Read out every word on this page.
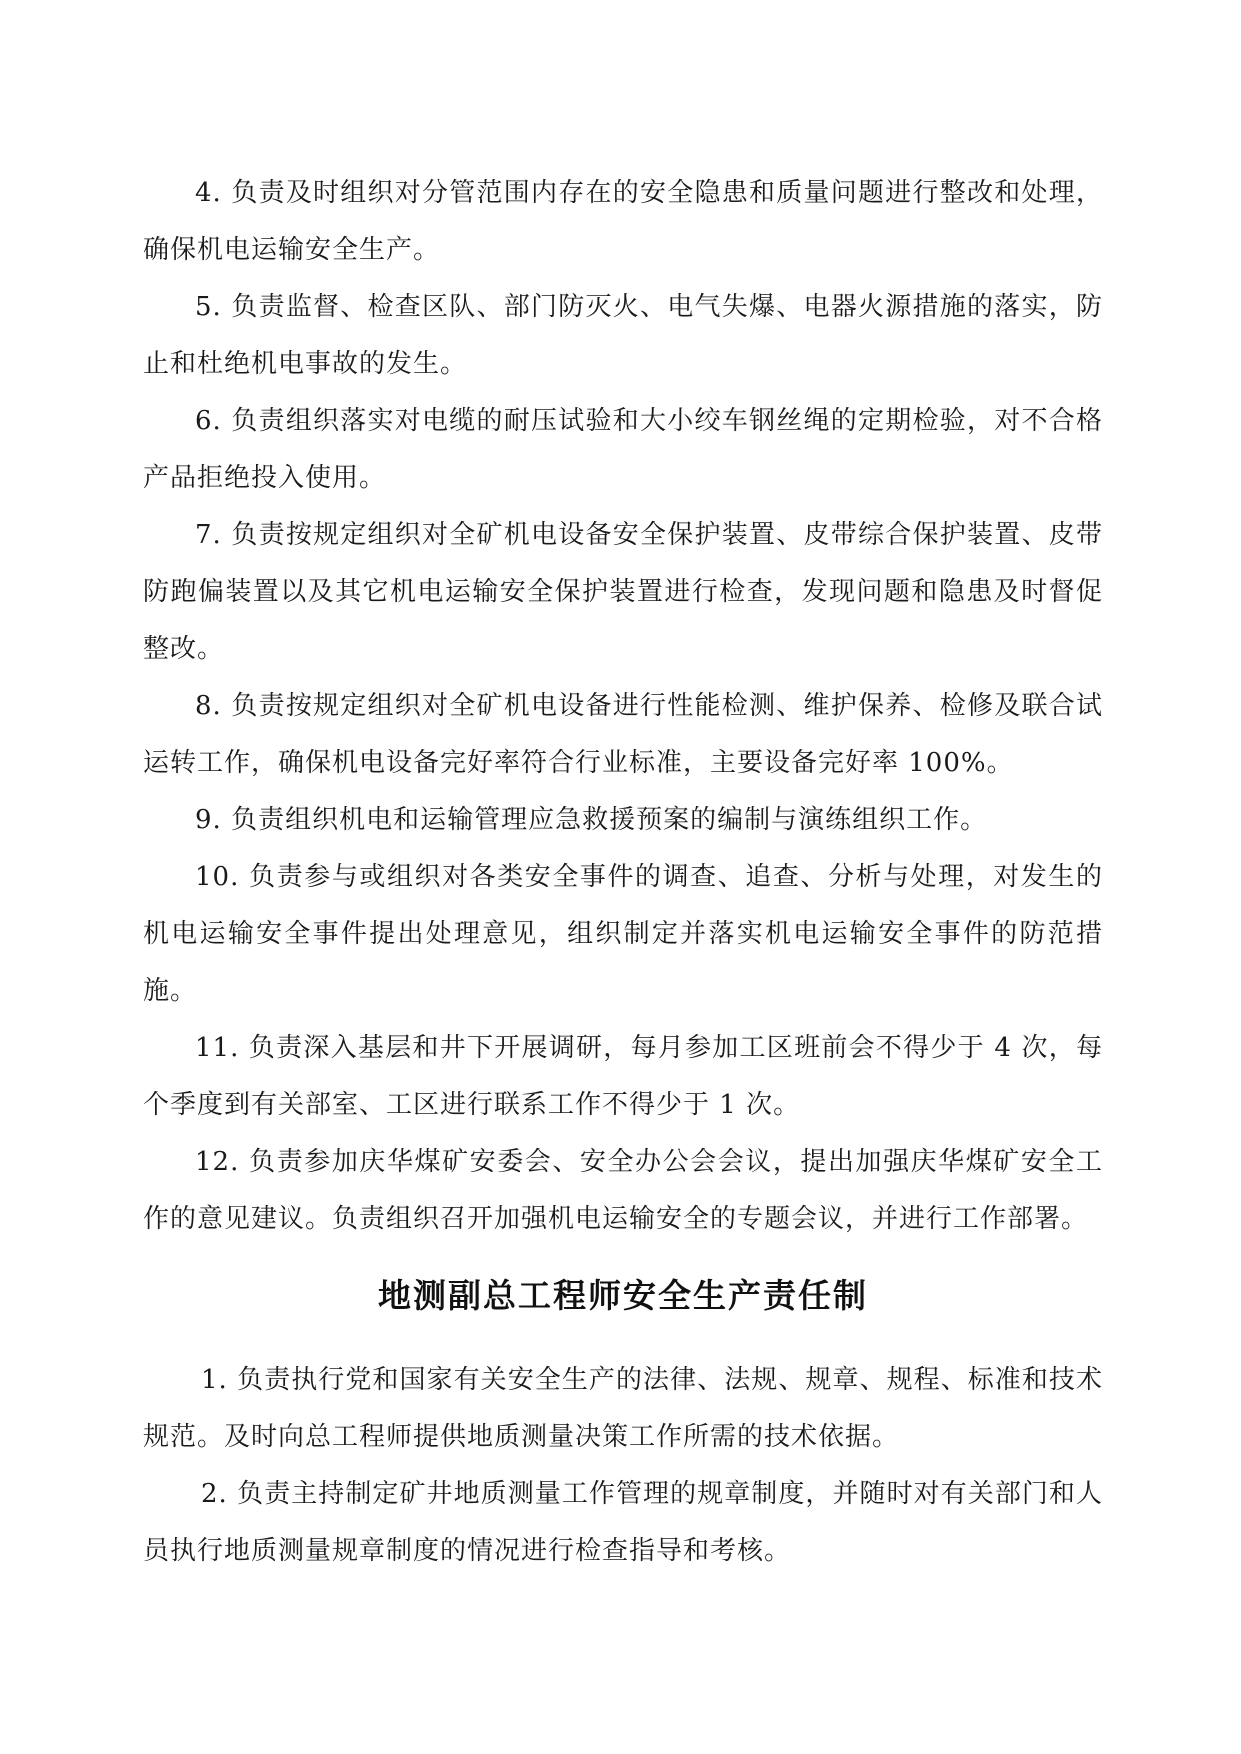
4. 负责及时组织对分管范围内存在的安全隐患和质量问题进行整改和处理，确保机电运输安全生产。

5. 负责监督、检查区队、部门防灭火、电气失爆、电器火源措施的落实，防止和杜绝机电事故的发生。

6. 负责组织落实对电缆的耐压试验和大小绞车钢丝绳的定期检验，对不合格产品拒绝投入使用。

7. 负责按规定组织对全矿机电设备安全保护装置、皮带综合保护装置、皮带防跑偏装置以及其它机电运输安全保护装置进行检查，发现问题和隐患及时督促整改。

8. 负责按规定组织对全矿机电设备进行性能检测、维护保养、检修及联合试运转工作，确保机电设备完好率符合行业标准，主要设备完好率 100%。

9. 负责组织机电和运输管理应急救援预案的编制与演练组织工作。

10. 负责参与或组织对各类安全事件的调查、追查、分析与处理，对发生的机电运输安全事件提出处理意见，组织制定并落实机电运输安全事件的防范措施。

11. 负责深入基层和井下开展调研，每月参加工区班前会不得少于 4 次，每个季度到有关部室、工区进行联系工作不得少于 1 次。

12. 负责参加庆华煤矿安委会、安全办公会会议，提出加强庆华煤矿安全工作的意见建议。负责组织召开加强机电运输安全的专题会议，并进行工作部署。

地测副总工程师安全生产责任制

1. 负责执行党和国家有关安全生产的法律、法规、规章、规程、标准和技术规范。及时向总工程师提供地质测量决策工作所需的技术依据。

2. 负责主持制定矿井地质测量工作管理的规章制度，并随时对有关部门和人员执行地质测量规章制度的情况进行检查指导和考核。
